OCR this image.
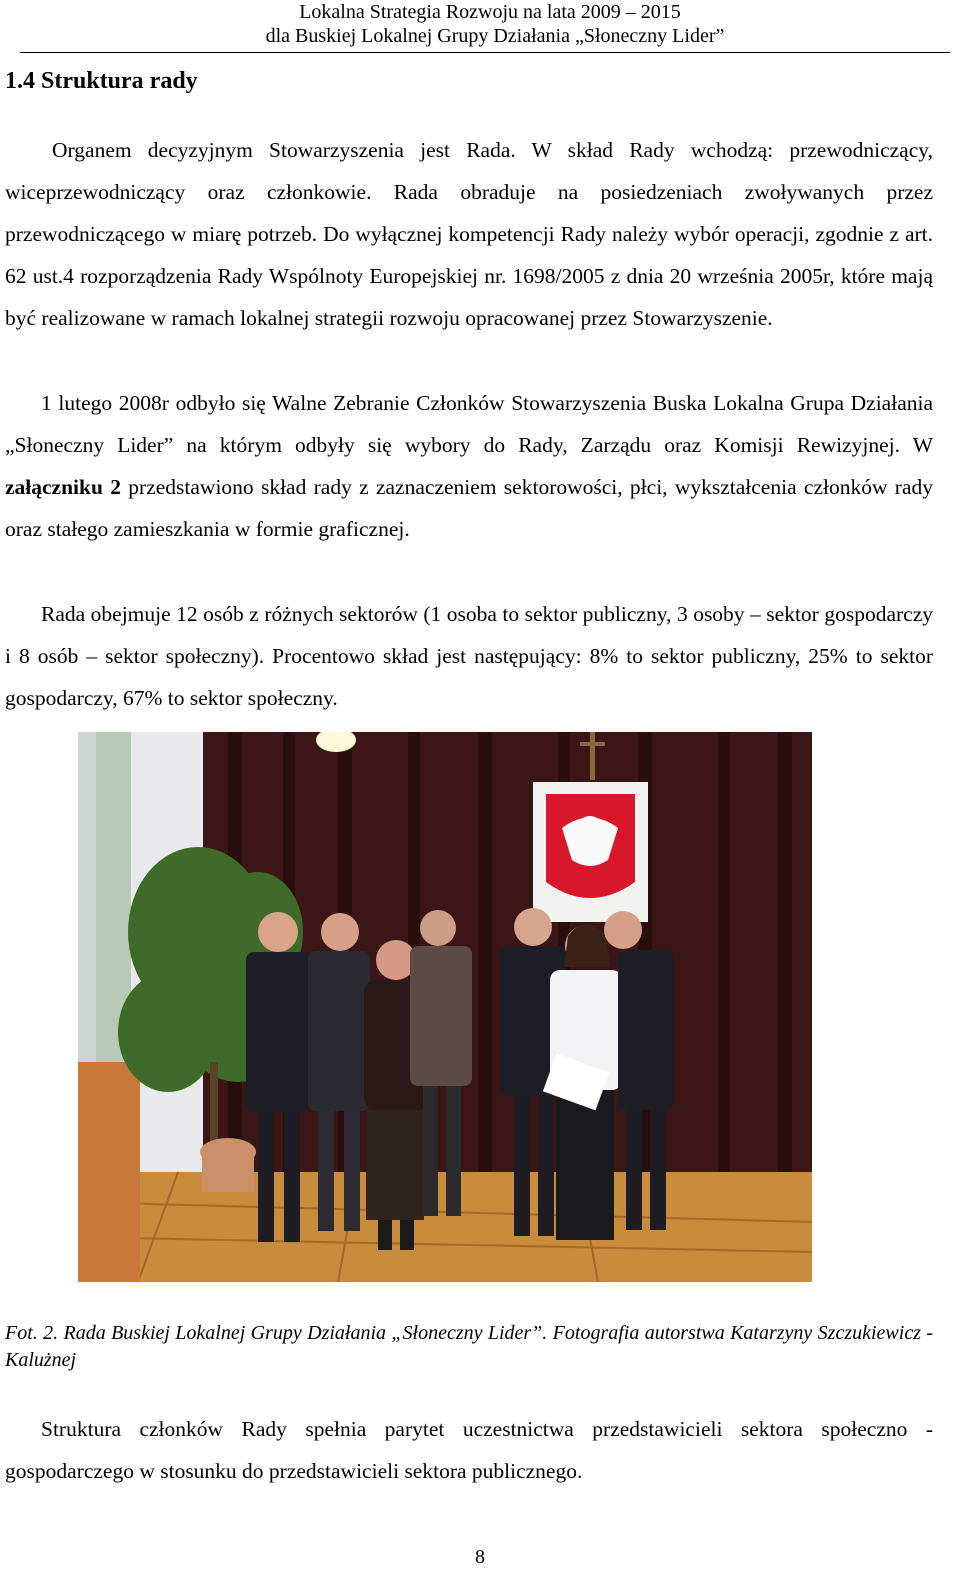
Lokalna Strategia Rozwoju na lata 2009 – 2015
dla Buskiej Lokalnej Grupy Działania „Słoneczny Lider”
1.4 Struktura rady

Organem decyzyjnym Stowarzyszenia jest Rada. W skład Rady wchodzą: przewodniczący, wiceprzewodniczący oraz członkowie. Rada obraduje na posiedzeniach zwoływanych przez przewodniczącego w miarę potrzeb. Do wyłącznej kompetencji Rady należy wybór operacji, zgodnie z art. 62 ust.4 rozporządzenia Rady Wspólnoty Europejskiej nr. 1698/2005 z dnia 20 września 2005r, które mają być realizowane w ramach lokalnej strategii rozwoju opracowanej przez Stowarzyszenie.

1 lutego 2008r odbyło się Walne Zebranie Członków Stowarzyszenia Buska Lokalna Grupa Działania „Słoneczny Lider” na którym odbyły się wybory do Rady, Zarządu oraz Komisji Rewizyjnej. W załączniku 2 przedstawiono skład rady z zaznaczeniem sektorowości, płci, wykształcenia członków rady oraz stałego zamieszkania w formie graficznej.

Rada obejmuje 12 osób z różnych sektorów (1 osoba to sektor publiczny, 3 osoby – sektor gospodarczy i 8 osób – sektor społeczny). Procentowo skład jest następujący: 8% to sektor publiczny, 25% to sektor gospodarczy, 67% to sektor społeczny.

Fot. 2. Rada Buskiej Lokalnej Grupy Działania „Słoneczny Lider”. Fotografia autorstwa Katarzyny Szczukiewicz - Kalużnej

Struktura członków Rady spełnia parytet uczestnictwa przedstawicieli sektora społeczno - gospodarczego w stosunku do przedstawicieli sektora publicznego.

8
